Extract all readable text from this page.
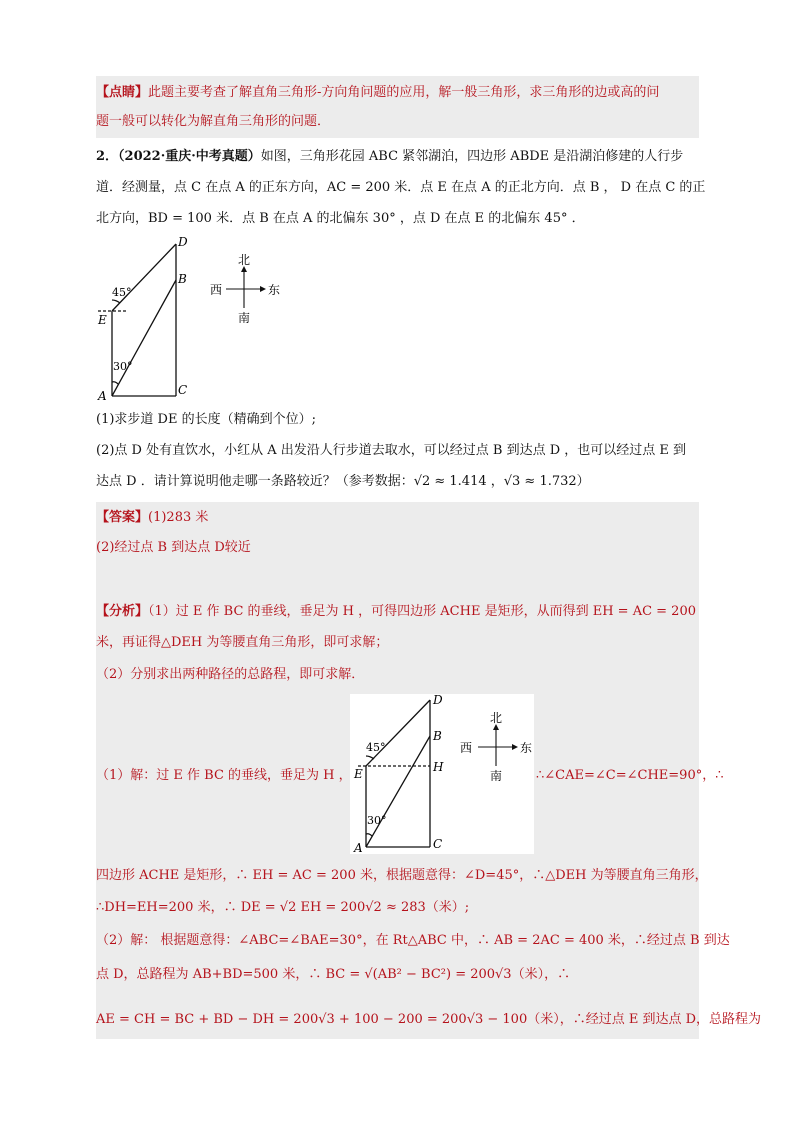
【点睛】此题主要考查了解直角三角形-方向角问题的应用，解一般三角形，求三角形的边或高的问
题一般可以转化为解直角三角形的问题．
2．（2022·重庆·中考真题）如图，三角形花园 ABC 紧邻湖泊，四边形 ABDE 是沿湖泊修建的人行步
道．经测量，点 C 在点 A 的正东方向，AC = 200 米．点 E 在点 A 的正北方向．点 B ， D 在点 C 的正
北方向，BD = 100 米．点 B 在点 A 的北偏东 30° ，点 D 在点 E 的北偏东 45° ．
D
B
E
A	C
45°
30°
北
南
西	东
(1)求步道 DE 的长度（精确到个位）;
(2)点 D 处有直饮水，小红从 A 出发沿人行步道去取水，可以经过点 B 到达点 D ，也可以经过点 E 到
达点 D ．请计算说明他走哪一条路较近？（参考数据：√2 ≈ 1.414 ，√3 ≈ 1.732）
【答案】(1)283 米
(2)经过点 B 到达点 D较近
【分析】（1）过 E 作 BC 的垂线，垂足为 H ，可得四边形 ACHE 是矩形，从而得到 EH = AC = 200
米，再证得△DEH 为等腰直角三角形，即可求解；
（2）分别求出两种路径的总路程，即可求解．
D
B
H
E
A	C
45°
30°
北
南
西	东
（1）解：过 E 作 BC 的垂线，垂足为 H ，	∴∠CAE=∠C=∠CHE=90°，∴
四边形 ACHE 是矩形，∴ EH = AC = 200 米，根据题意得：∠D=45°，∴△DEH 为等腰直角三角形，
∴DH=EH=200 米，∴ DE = √2 EH = 200√2 ≈ 283（米）;
（2）解： 根据题意得：∠ABC=∠BAE=30°，在 Rt△ABC 中，∴ AB = 2AC = 400 米，∴经过点 B 到达
点 D，总路程为 AB+BD=500 米，∴ BC = √(AB² − BC²) = 200√3（米），∴
AE = CH = BC + BD − DH = 200√3 + 100 − 200 = 200√3 − 100（米），∴经过点 E 到达点 D，总路程为
